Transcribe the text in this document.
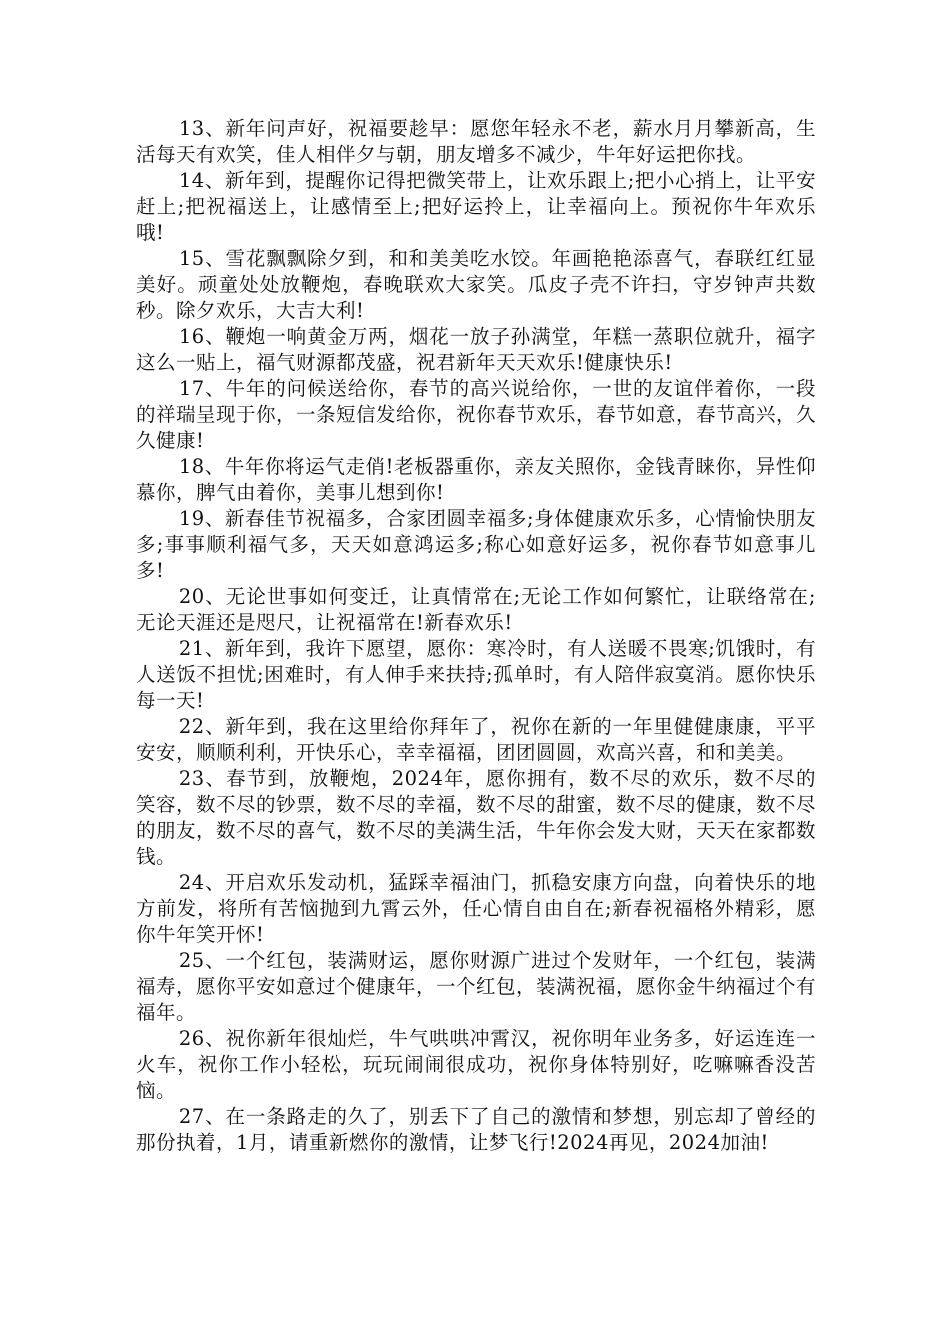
13、新年问声好，祝福要趁早：愿您年轻永不老，薪水月月攀新高，生活每天有欢笑，佳人相伴夕与朝，朋友增多不减少，牛年好运把你找。

14、新年到，提醒你记得把微笑带上，让欢乐跟上;把小心捎上，让平安赶上;把祝福送上，让感情至上;把好运拎上，让幸福向上。预祝你牛年欢乐哦!

15、雪花飘飘除夕到，和和美美吃水饺。年画艳艳添喜气，春联红红显美好。顽童处处放鞭炮，春晚联欢大家笑。瓜皮子壳不许扫，守岁钟声共数秒。除夕欢乐，大吉大利!

16、鞭炮一响黄金万两，烟花一放子孙满堂，年糕一蒸职位就升，福字这么一贴上，福气财源都茂盛，祝君新年天天欢乐!健康快乐!

17、牛年的问候送给你，春节的高兴说给你，一世的友谊伴着你，一段的祥瑞呈现于你，一条短信发给你，祝你春节欢乐，春节如意，春节高兴，久久健康!

18、牛年你将运气走俏!老板器重你，亲友关照你，金钱青睐你，异性仰慕你，脾气由着你，美事儿想到你!

19、新春佳节祝福多，合家团圆幸福多;身体健康欢乐多，心情愉快朋友多;事事顺利福气多，天天如意鸿运多;称心如意好运多，祝你春节如意事儿多!

20、无论世事如何变迁，让真情常在;无论工作如何繁忙，让联络常在;无论天涯还是咫尺，让祝福常在!新春欢乐!

21、新年到，我许下愿望，愿你：寒冷时，有人送暖不畏寒;饥饿时，有人送饭不担忧;困难时，有人伸手来扶持;孤单时，有人陪伴寂寞消。愿你快乐每一天!

22、新年到，我在这里给你拜年了，祝你在新的一年里健健康康，平平安安，顺顺利利，开快乐心，幸幸福福，团团圆圆，欢高兴喜，和和美美。

23、春节到，放鞭炮，2024年，愿你拥有，数不尽的欢乐，数不尽的笑容，数不尽的钞票，数不尽的幸福，数不尽的甜蜜，数不尽的健康，数不尽的朋友，数不尽的喜气，数不尽的美满生活，牛年你会发大财，天天在家都数钱。

24、开启欢乐发动机，猛踩幸福油门，抓稳安康方向盘，向着快乐的地方前发，将所有苦恼抛到九霄云外，任心情自由自在;新春祝福格外精彩，愿你牛年笑开怀!

25、一个红包，装满财运，愿你财源广进过个发财年，一个红包，装满福寿，愿你平安如意过个健康年，一个红包，装满祝福，愿你金牛纳福过个有福年。

26、祝你新年很灿烂，牛气哄哄冲霄汉，祝你明年业务多，好运连连一火车，祝你工作小轻松，玩玩闹闹很成功，祝你身体特别好，吃嘛嘛香没苦恼。

27、在一条路走的久了，别丢下了自己的激情和梦想，别忘却了曾经的那份执着，1月，请重新燃你的激情，让梦飞行!2024再见，2024加油!
